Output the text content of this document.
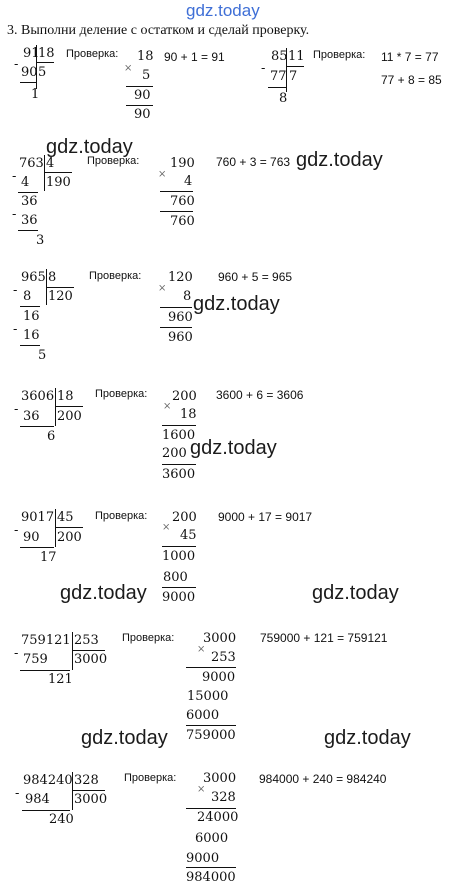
gdz.today
3. Выполни деление с остатком и сделай проверку.
91
18
-
90 5
1
Проверка: 18
× 5
90
90
90 + 1 = 91	85 11
-
77 7
8
Проверка: 11 * 7 = 77
77 + 8 = 85
gdz.today
763 4
- 4 190
36
- 36
3
Проверка: 190
× 4
760
760
760 + 3 = 763 gdz.today
965 8
- 8 120
16
- 16
5
Проверка: 120
×
8
960
960
960 + 5 = 965
gdz.today
3606 18
- 36 200
6
Проверка: 200
×
18
1600
200
3600
3600 + 6 = 3606
gdz.today
9017 45
- 90 200
17
Проверка: 200
×
45
1000
800
9000
9000 + 17 = 9017
gdz.today	gdz.today
759121 253
- 759 3000
121
Проверка: 3000
×
253
9000
15000
6000
759000
759000 + 121 = 759121
gdz.today	gdz.today
984240 328
- 984 3000
240
Проверка: 3000
×
328
24000
6000
9000
984000
984000 + 240 = 984240
